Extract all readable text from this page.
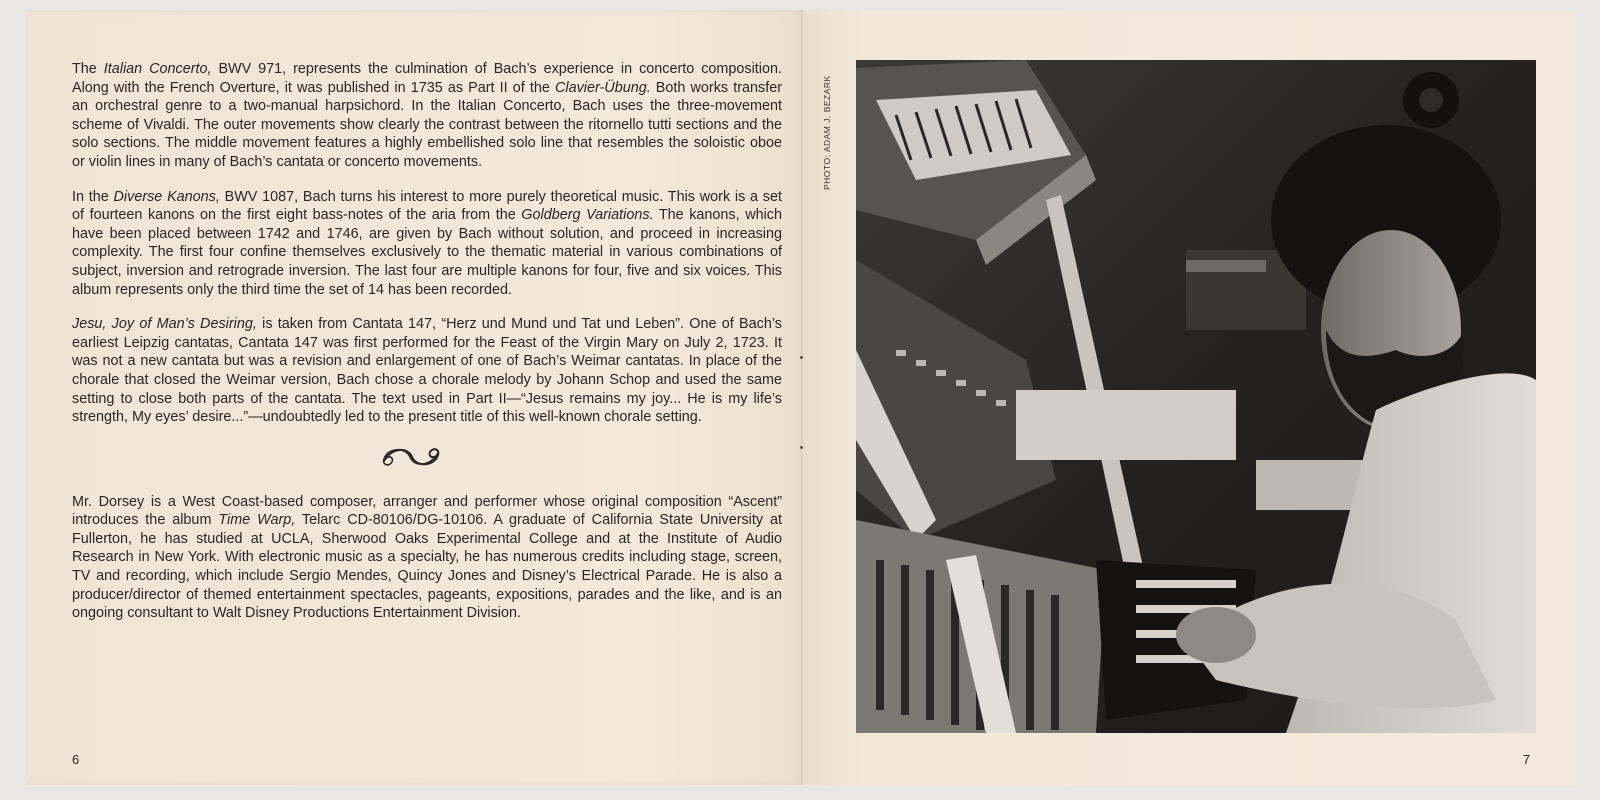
The Italian Concerto, BWV 971, represents the culmination of Bach’s experience in concerto composition. Along with the French Overture, it was published in 1735 as Part II of the Clavier-Übung. Both works transfer an orchestral genre to a two-manual harpsichord. In the Italian Concerto, Bach uses the three-movement scheme of Vivaldi. The outer movements show clearly the contrast between the ritornello tutti sections and the solo sections. The middle movement features a highly embellished solo line that resembles the soloistic oboe or violin lines in many of Bach’s cantata or concerto movements.

In the Diverse Kanons, BWV 1087, Bach turns his interest to more purely theoretical music. This work is a set of fourteen kanons on the first eight bass-notes of the aria from the Goldberg Variations. The kanons, which have been placed between 1742 and 1746, are given by Bach without solution, and proceed in increasing complexity. The first four confine themselves exclusively to the thematic material in various combinations of subject, inversion and retrograde inversion. The last four are multiple kanons for four, five and six voices. This album represents only the third time the set of 14 has been recorded.

Jesu, Joy of Man’s Desiring, is taken from Cantata 147, “Herz und Mund und Tat und Leben”. One of Bach’s earliest Leipzig cantatas, Cantata 147 was first performed for the Feast of the Virgin Mary on July 2, 1723. It was not a new cantata but was a revision and enlargement of one of Bach’s Weimar cantatas. In place of the chorale that closed the Weimar version, Bach chose a chorale melody by Johann Schop and used the same setting to close both parts of the cantata. The text used in Part II—“Jesus remains my joy... He is my life’s strength, My eyes’ desire...”—undoubtedly led to the present title of this well-known chorale setting.

Mr. Dorsey is a West Coast-based composer, arranger and performer whose original composition “Ascent” introduces the album Time Warp, Telarc CD-80106/DG-10106. A graduate of California State University at Fullerton, he has studied at UCLA, Sherwood Oaks Experimental College and at the Institute of Audio Research in New York. With electronic music as a specialty, he has numerous credits including stage, screen, TV and recording, which include Sergio Mendes, Quincy Jones and Disney’s Electrical Parade. He is also a producer/director of themed entertainment spectacles, pageants, expositions, parades and the like, and is an ongoing consultant to Walt Disney Productions Entertainment Division.

6
PHOTO: ADAM J. BEZARK
7
